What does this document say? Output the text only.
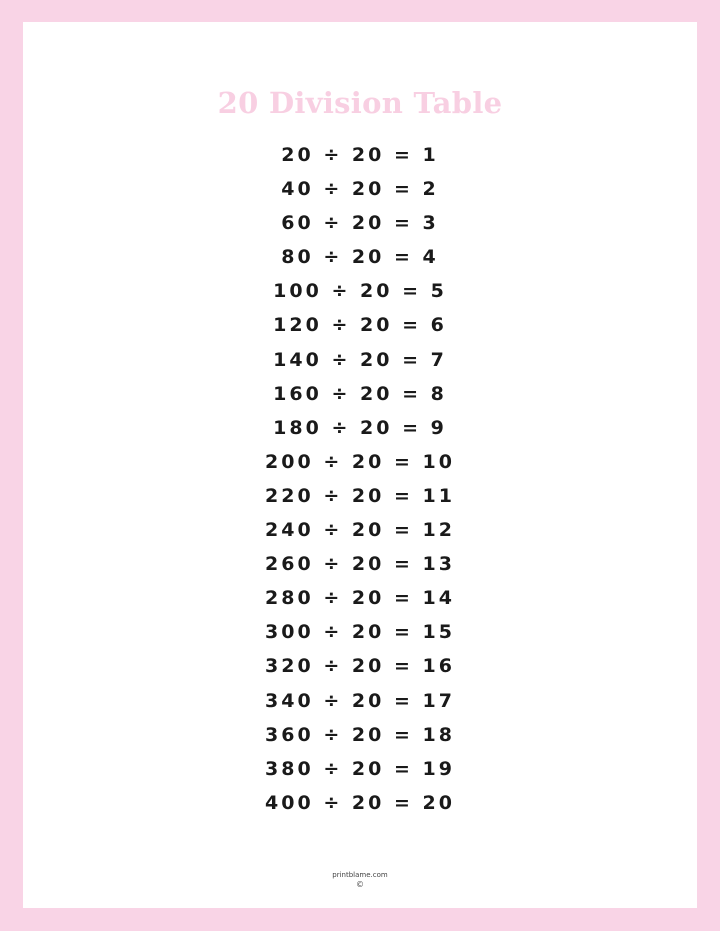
20 Division Table
20 ÷ 20 = 1
40 ÷ 20 = 2
60 ÷ 20 = 3
80 ÷ 20 = 4
100 ÷ 20 = 5
120 ÷ 20 = 6
140 ÷ 20 = 7
160 ÷ 20 = 8
180 ÷ 20 = 9
200 ÷ 20 = 10
220 ÷ 20 = 11
240 ÷ 20 = 12
260 ÷ 20 = 13
280 ÷ 20 = 14
300 ÷ 20 = 15
320 ÷ 20 = 16
340 ÷ 20 = 17
360 ÷ 20 = 18
380 ÷ 20 = 19
400 ÷ 20 = 20
printblame.com
©
